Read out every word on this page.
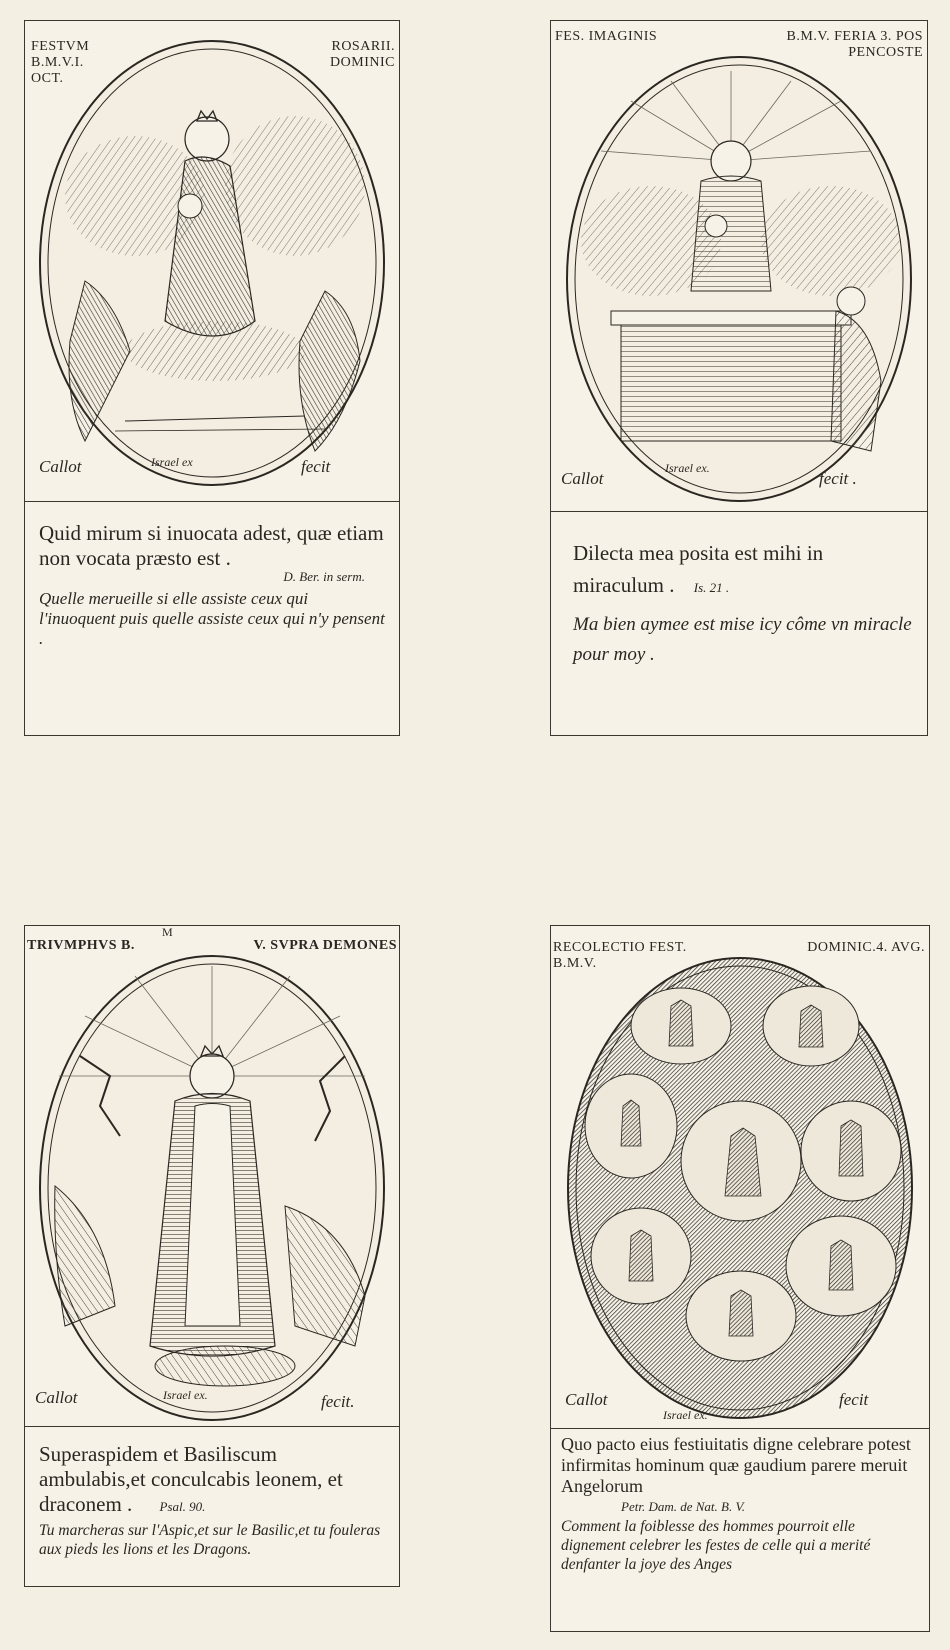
FESTVM
B.M.V.I.
OCT.
ROSARII.
DOMINIC
Callot	Israel ex	fecit
Quid mirum si inuocata adest, quæ etiam non vocata præsto est .
D. Ber. in serm.
Quelle merueille si elle assiste ceux qui l'inuoquent puis quelle assiste ceux qui n'y pensent .
FES. IMAGINIS	B.M.V. FERIA 3. POS
PENCOSTE
Callot
Israel ex.
fecit .
Dilecta mea posita est mihi in miraculum . Is. 21 .
Ma bien aymee est mise icy côme vn miracle pour moy .
TRIVMPHVS B.
M
V. SVPRA DEMONES
Callot	Israel ex.	fecit.
Superaspidem et Basiliscum ambulabis,et conculcabis leonem, et draconem . Psal. 90.
Tu marcheras sur l'Aspic,et sur le Basilic,et tu fouleras aux pieds les lions et les Dragons.
RECOLECTIO FEST.
B.M.V.
DOMINIC.4. AVG.
Callot
Israel ex.
fecit
Quo pacto eius festiuitatis digne celebrare potest infirmitas hominum quæ gaudium parere meruit Angelorum
Petr. Dam. de Nat. B. V.
Comment la foiblesse des hommes pourroit elle dignement celebrer les festes de celle qui a merité denfanter la joye des Anges
